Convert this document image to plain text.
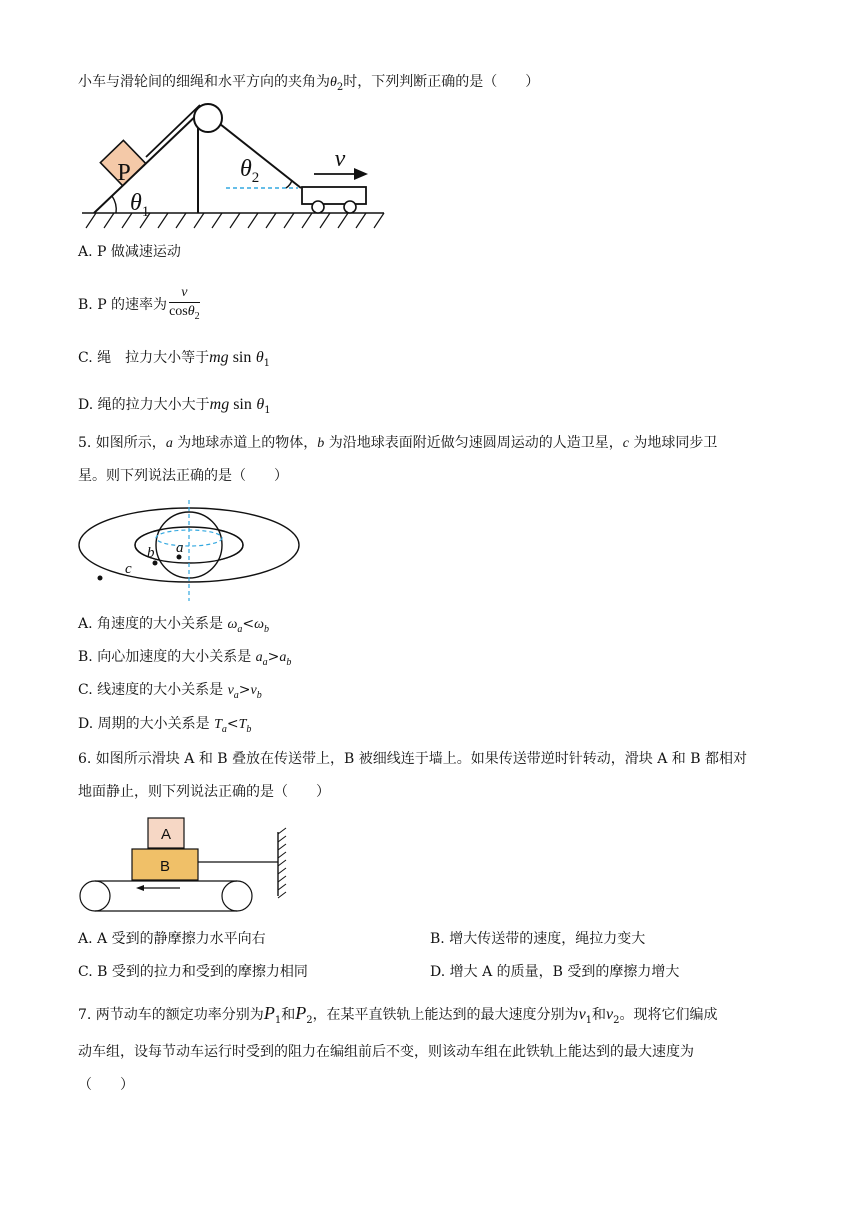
小车与滑轮间的细绳和水平方向的夹角为$\theta_2$时，下列判断正确的是（　　）
P
$\theta_1$
$\theta_2$
v
A. P 做减速运动
B. P 的速率为 $\frac{v}{\cos\theta_2}$
C. 绳　拉力大小等于mg $\sin \theta_1$
D. 绳的拉力大小大于mg $\sin \theta_1$
5. 如图所示，a 为地球赤道上的物体，b 为沿地球表面附近做匀速圆周运动的人造卫星，c 为地球同步卫
星。则下列说法正确的是（　　）
a
b
c
A. 角速度的大小关系是 $\omega_a<\omega_b$
B. 向心加速度的大小关系是 $a_a>a_b$
C. 线速度的大小关系是 $v_a>v_b$
D. 周期的大小关系是 $T_a<T_b$
6. 如图所示滑块 A 和 B 叠放在传送带上，B 被细线连于墙上。如果传送带逆时针转动，滑块 A 和 B 都相对
地面静止，则下列说法正确的是（　　）
A
B
A. A 受到的静摩擦力水平向右	B. 增大传送带的速度，绳拉力变大
C. B 受到的拉力和受到的摩擦力相同	D. 增大 A 的质量，B 受到的摩擦力增大
7. 两节动车的额定功率分别为$P_1$和$P_2$，在某平直铁轨上能达到的最大速度分别为$v_1$和$v_2$。现将它们编成
动车组，设每节动车运行时受到的阻力在编组前后不变，则该动车组在此铁轨上能达到的最大速度为
（　　）
